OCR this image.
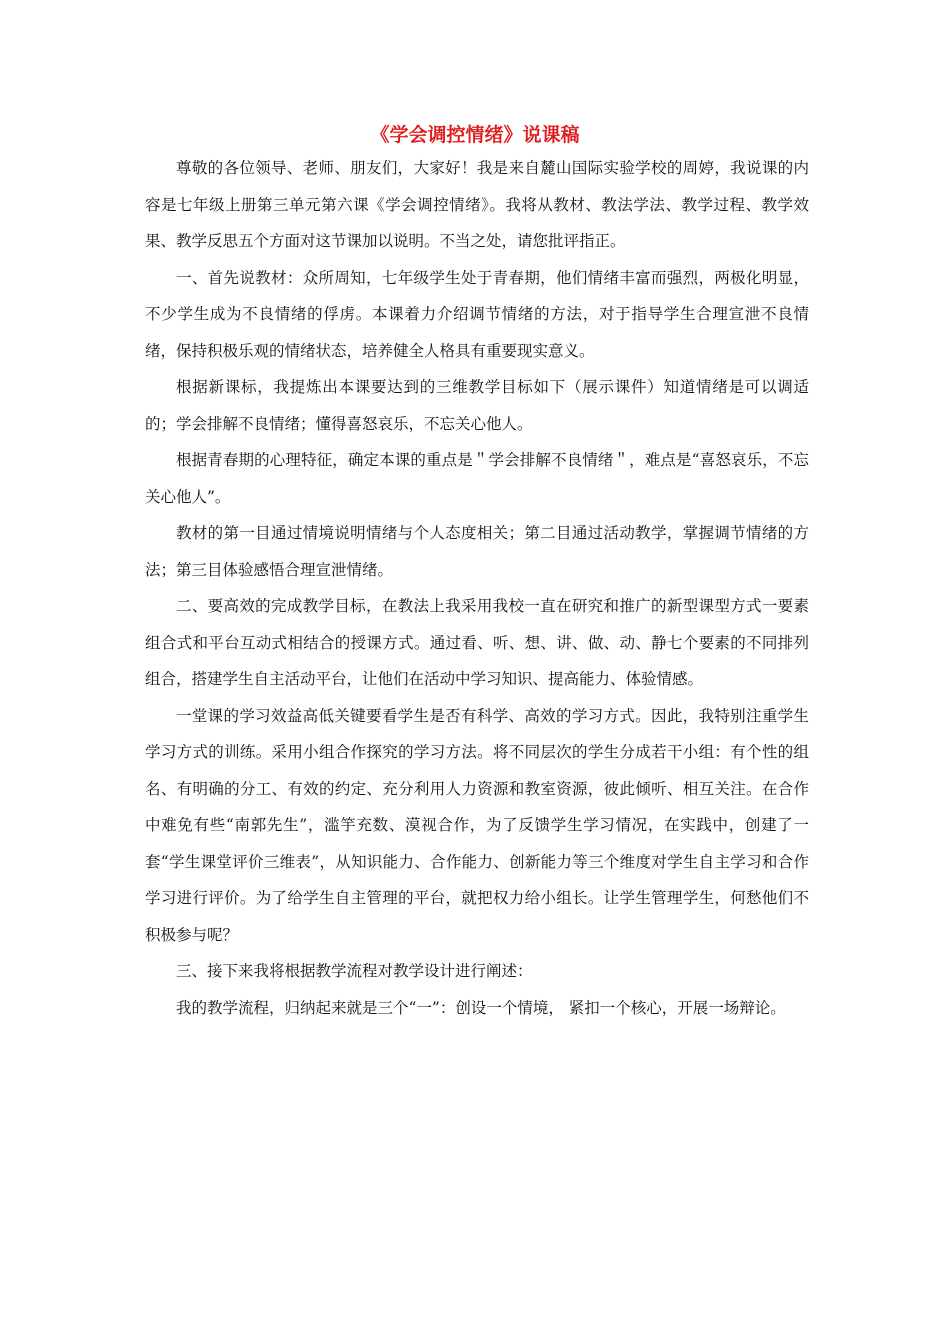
《学会调控情绪》说课稿

尊敬的各位领导、老师、朋友们，大家好！我是来自麓山国际实验学校的周婷，我说课的内容是七年级上册第三单元第六课《学会调控情绪》。我将从教材、教法学法、教学过程、教学效果、教学反思五个方面对这节课加以说明。不当之处，请您批评指正。

一、首先说教材：众所周知，七年级学生处于青春期，他们情绪丰富而强烈，两极化明显，不少学生成为不良情绪的俘虏。本课着力介绍调节情绪的方法，对于指导学生合理宣泄不良情绪，保持积极乐观的情绪状态，培养健全人格具有重要现实意义。

根据新课标，我提炼出本课要达到的三维教学目标如下（展示课件）知道情绪是可以调适的；学会排解不良情绪；懂得喜怒哀乐，不忘关心他人。

根据青春期的心理特征，确定本课的重点是＂学会排解不良情绪＂，难点是“喜怒哀乐，不忘关心他人”。

教材的第一目通过情境说明情绪与个人态度相关；第二目通过活动教学，掌握调节情绪的方法；第三目体验感悟合理宣泄情绪。

二、要高效的完成教学目标，在教法上我采用我校一直在研究和推广的新型课型方式一要素组合式和平台互动式相结合的授课方式。通过看、听、想、讲、做、动、静七个要素的不同排列组合，搭建学生自主活动平台，让他们在活动中学习知识、提高能力、体验情感。

一堂课的学习效益高低关键要看学生是否有科学、高效的学习方式。因此，我特别注重学生学习方式的训练。采用小组合作探究的学习方法。将不同层次的学生分成若干小组：有个性的组名、有明确的分工、有效的约定、充分利用人力资源和教室资源，彼此倾听、相互关注。在合作中难免有些“南郭先生”，滥竽充数、漠视合作，为了反馈学生学习情况，在实践中，创建了一套“学生课堂评价三维表”，从知识能力、合作能力、创新能力等三个维度对学生自主学习和合作学习进行评价。为了给学生自主管理的平台，就把权力给小组长。让学生管理学生，何愁他们不积极参与呢？

三、接下来我将根据教学流程对教学设计进行阐述：

我的教学流程，归纳起来就是三个“一”：创设一个情境， 紧扣一个核心，开展一场辩论。
